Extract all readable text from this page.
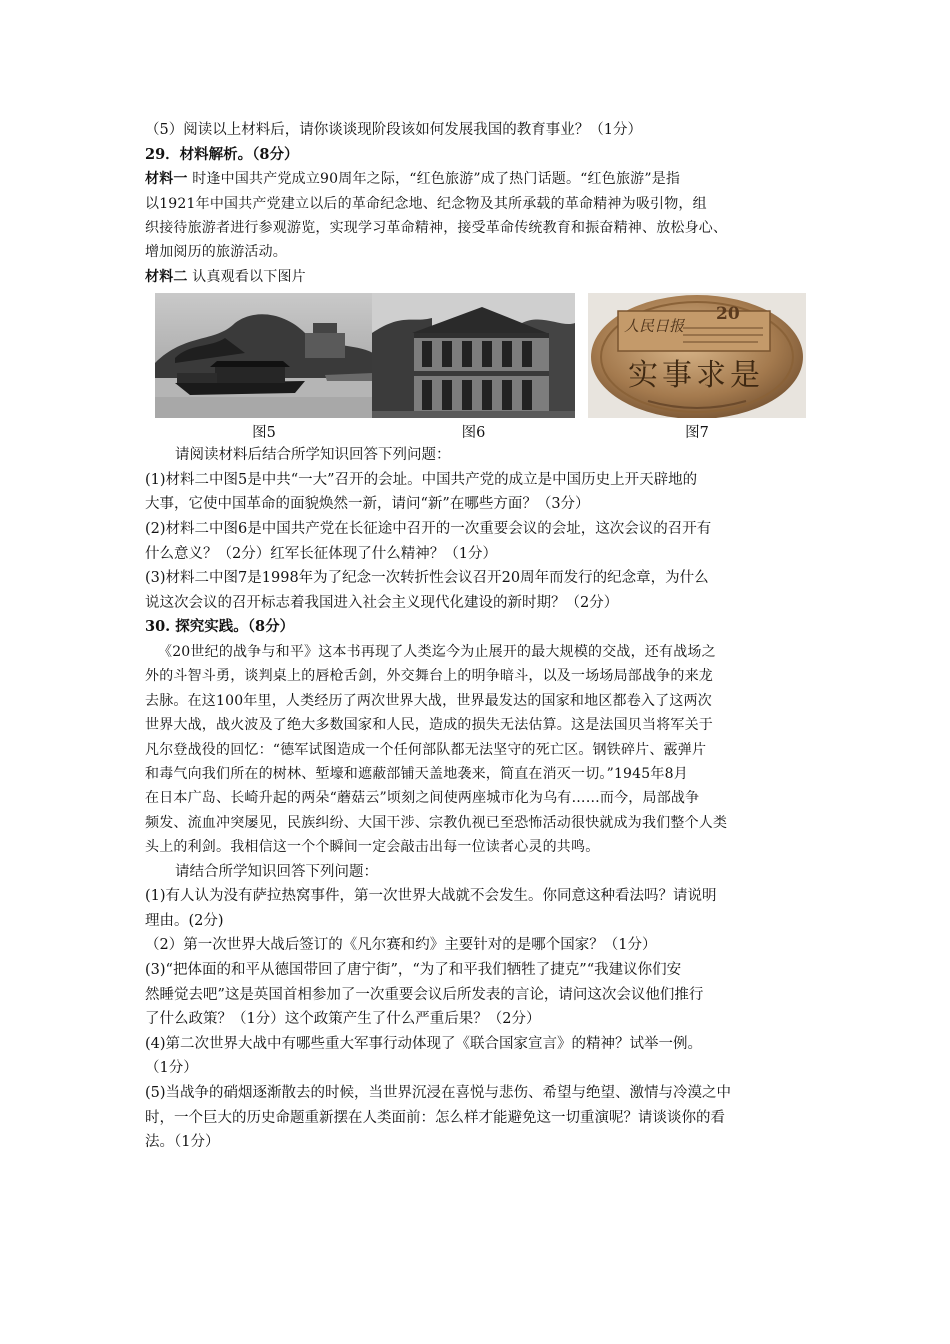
（5）阅读以上材料后，请你谈谈现阶段该如何发展我国的教育事业？（1分）
29．材料解析。（8分）
材料一 时逢中国共产党成立90周年之际，“红色旅游”成了热门话题。“红色旅游”是指
以1921年中国共产党建立以后的革命纪念地、纪念物及其所承载的革命精神为吸引物，组
织接待旅游者进行参观游览，实现学习革命精神，接受革命传统教育和振奋精神、放松身心、
增加阅历的旅游活动。
材料二 认真观看以下图片
图5	图6
人民日报
20
实事求是
图7
请阅读材料后结合所学知识回答下列问题：
(1)材料二中图5是中共“一大”召开的会址。中国共产党的成立是中国历史上开天辟地的
大事，它使中国革命的面貌焕然一新，请问“新”在哪些方面？（3分）
(2)材料二中图6是中国共产党在长征途中召开的一次重要会议的会址，这次会议的召开有
什么意义？（2分）红军长征体现了什么精神？（1分）
(3)材料二中图7是1998年为了纪念一次转折性会议召开20周年而发行的纪念章，为什么
说这次会议的召开标志着我国进入社会主义现代化建设的新时期？（2分）
30. 探究实践。（8分）
《20世纪的战争与和平》这本书再现了人类迄今为止展开的最大规模的交战，还有战场之
外的斗智斗勇，谈判桌上的唇枪舌剑，外交舞台上的明争暗斗，以及一场场局部战争的来龙
去脉。在这100年里，人类经历了两次世界大战，世界最发达的国家和地区都卷入了这两次
世界大战，战火波及了绝大多数国家和人民，造成的损失无法估算。这是法国贝当将军关于
凡尔登战役的回忆：“德军试图造成一个任何部队都无法坚守的死亡区。钢铁碎片、霰弹片
和毒气向我们所在的树林、堑壕和遮蔽部铺天盖地袭来，简直在消灭一切。”1945年8月
在日本广岛、长崎升起的两朵“蘑菇云”顷刻之间使两座城市化为乌有……而今，局部战争
频发、流血冲突屡见，民族纠纷、大国干涉、宗教仇视已至恐怖活动很快就成为我们整个人类
头上的利剑。我相信这一个个瞬间一定会敲击出每一位读者心灵的共鸣。
请结合所学知识回答下列问题：
(1)有人认为没有萨拉热窝事件，第一次世界大战就不会发生。你同意这种看法吗？请说明
理由。(2分)
（2）第一次世界大战后签订的《凡尔赛和约》主要针对的是哪个国家？（1分）
(3)“把体面的和平从德国带回了唐宁街”，“为了和平我们牺牲了捷克”“我建议你们安
然睡觉去吧”这是英国首相参加了一次重要会议后所发表的言论，请问这次会议他们推行
了什么政策？（1分）这个政策产生了什么严重后果？（2分）
(4)第二次世界大战中有哪些重大军事行动体现了《联合国家宣言》的精神？试举一例。
（1分）
(5)当战争的硝烟逐渐散去的时候，当世界沉浸在喜悦与悲伤、希望与绝望、激情与冷漠之中
时，一个巨大的历史命题重新摆在人类面前：怎么样才能避免这一切重演呢？请谈谈你的看
法。（1分）
